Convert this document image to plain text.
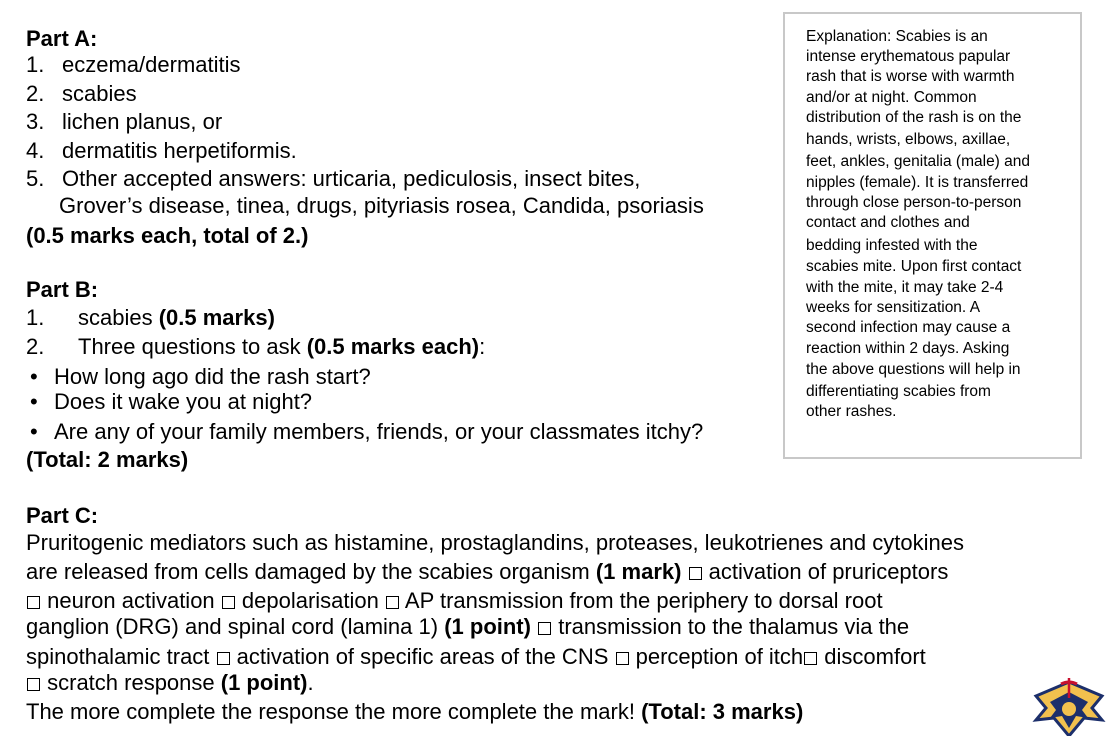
Part A:
1. eczema/dermatitis
2. scabies
3. lichen planus, or
4. dermatitis herpetiformis.
5. Other accepted answers: urticaria, pediculosis, insect bites,
Grover’s disease, tinea, drugs, pityriasis rosea, Candida, psoriasis
(0.5 marks each, total of 2.)
Part B:
1. scabies (0.5 marks)
2. Three questions to ask (0.5 marks each):
• How long ago did the rash start?
• Does it wake you at night?
• Are any of your family members, friends, or your classmates itchy?
(Total: 2 marks)
Explanation: Scabies is an
intense erythematous papular
rash that is worse with warmth
and/or at night. Common
distribution of the rash is on the
hands, wrists, elbows, axillae,
feet, ankles, genitalia (male) and
nipples (female). It is transferred
through close person-to-person
contact and clothes and
bedding infested with the
scabies mite. Upon first contact
with the mite, it may take 2-4
weeks for sensitization. A
second infection may cause a
reaction within 2 days. Asking
the above questions will help in
differentiating scabies from
other rashes.
Part C:
Pruritogenic mediators such as histamine, prostaglandins, proteases, leukotrienes and cytokines
are released from cells damaged by the scabies organism (1 mark)  activation of pruriceptors
neuron activation  depolarisation  AP transmission from the periphery to dorsal root
ganglion (DRG) and spinal cord (lamina 1) (1 point)  transmission to the thalamus via the
spinothalamic tract  activation of specific areas of the CNS  perception of itch discomfort
scratch response (1 point).
The more complete the response the more complete the mark! (Total: 3 marks)
